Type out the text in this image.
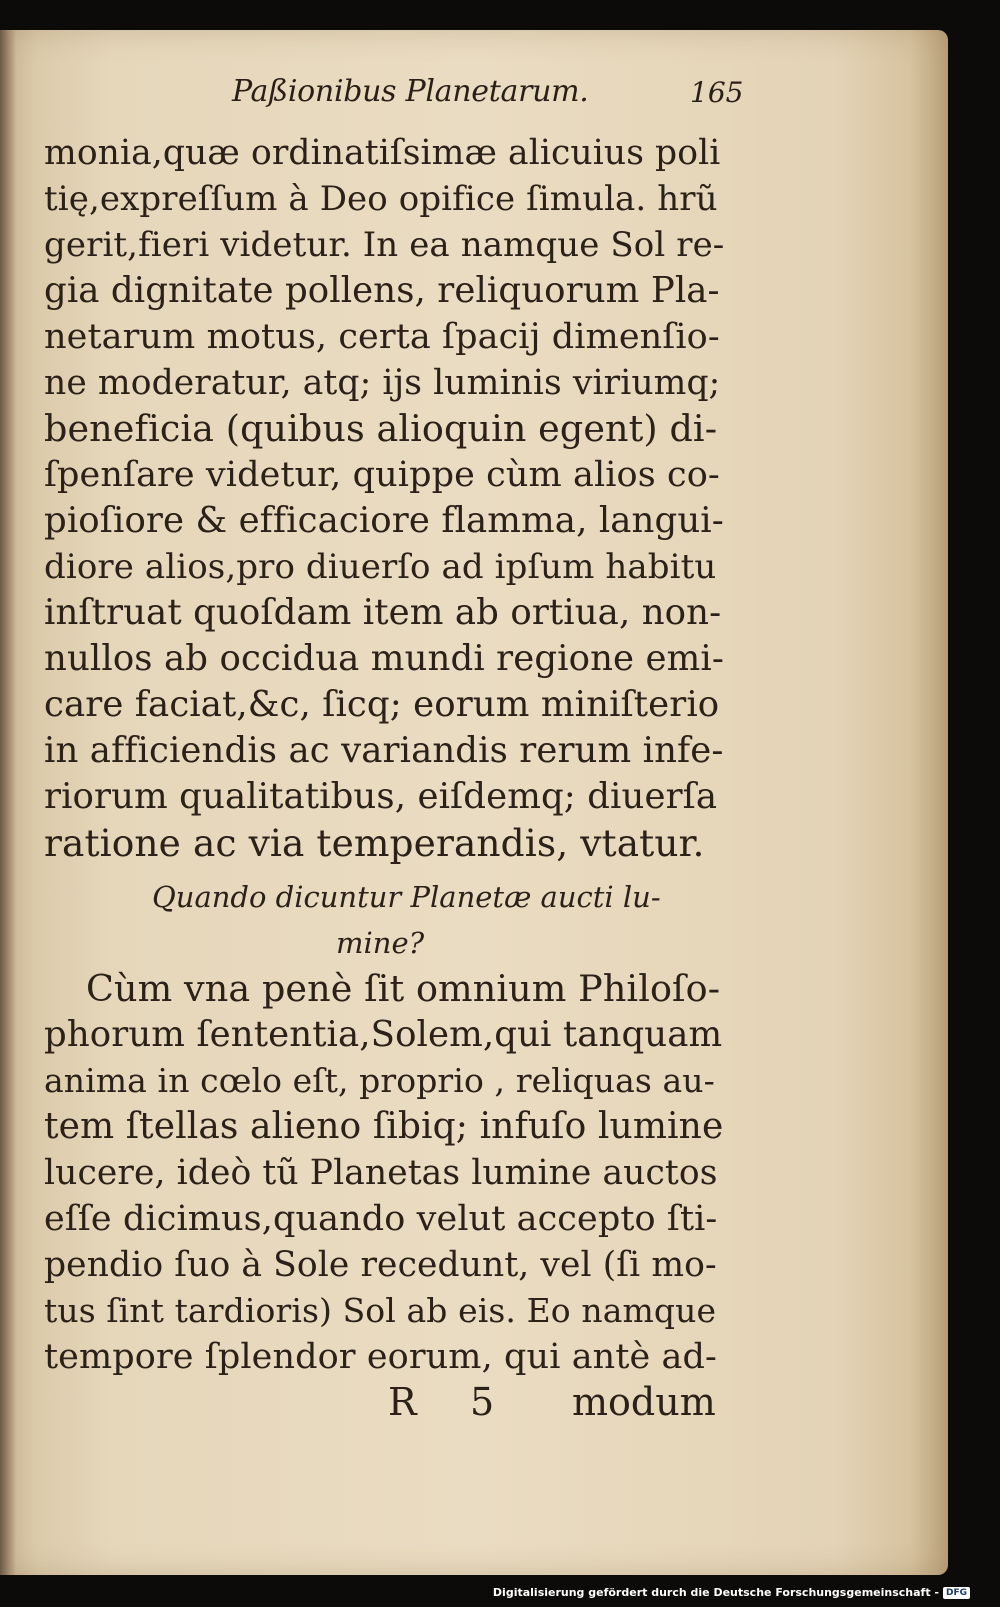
Paßionibus Planetarum.	165
monia,quæ ordinatiſsimæ alicuius poli
tię,expreſſum à Deo opifice ſimula. hrũ
gerit,fieri videtur. In ea namque Sol re-
gia dignitate pollens, reliquorum Pla-
netarum motus, certa ſpacij dimenſio-
ne moderatur, atq; ijs luminis viriumq;
beneficia (quibus alioquin egent) di-
ſpenſare videtur, quippe cùm alios co-
pioſiore & efficaciore flamma, langui-
diore alios,pro diuerſo ad ipſum habitu
inſtruat quoſdam item ab ortiua, non-
nullos ab occidua mundi regione emi-
care faciat,&c, ſicq; eorum miniſterio
in afficiendis ac variandis rerum infe-
riorum qualitatibus, eiſdemq; diuerſa
ratione ac via temperandis, vtatur.
Quando dicuntur Planetæ aucti lu-
mine?
Cùm vna penè ſit omnium Philoſo-
phorum ſententia,Solem,qui tanquam
anima in cœlo eſt, proprio , reliquas au-
tem ſtellas alieno ſibiq; infuſo lumine
lucere, ideò tũ Planetas lumine auctos
eſſe dicimus,quando velut accepto ſti-
pendio ſuo à Sole recedunt, vel (ſi mo-
tus ſint tardioris) Sol ab eis. Eo namque
tempore ſplendor eorum, qui antè ad-
R 5 modum
Digitalisierung gefördert durch die Deutsche Forschungsgemeinschaft - DFG
